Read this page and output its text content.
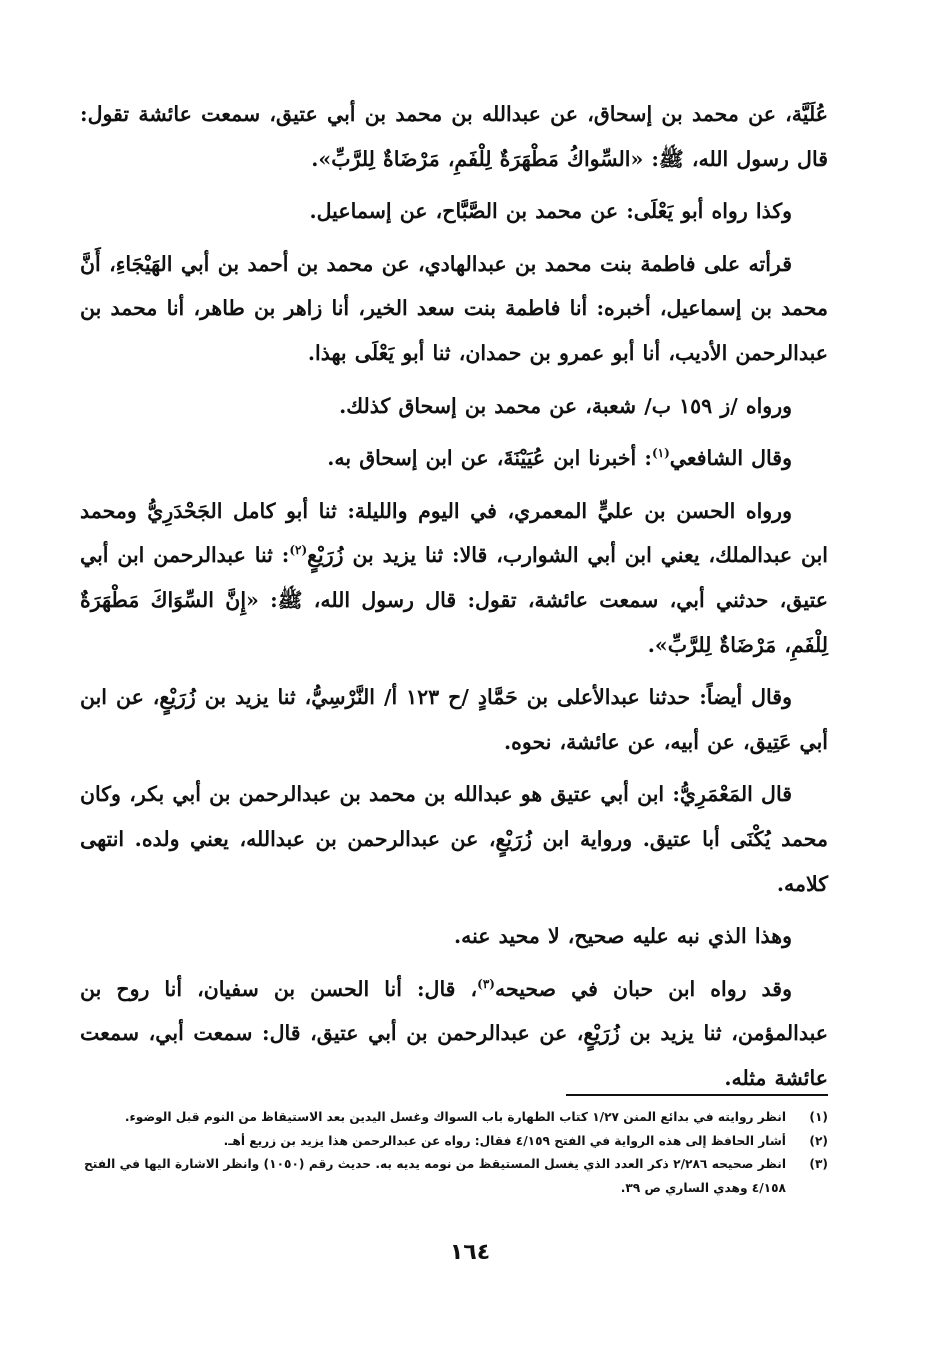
عُلَيَّة، عن محمد بن إسحاق، عن عبدالله بن محمد بن أبي عتيق، سمعت عائشة تقول: قال رسول الله، ﷺ: «السِّواكُ مَطْهَرَةٌ لِلْفَمِ، مَرْضَاةٌ لِلرَّبِّ».

وكذا رواه أبو يَعْلَى: عن محمد بن الصَّبَّاح، عن إسماعيل.

قرأته على فاطمة بنت محمد بن عبدالهادي، عن محمد بن أحمد بن أبي الهَيْجَاءِ، أَنَّ محمد بن إسماعيل، أخبره: أنا فاطمة بنت سعد الخير، أنا زاهر بن طاهر، أنا محمد بن عبدالرحمن الأديب، أنا أبو عمرو بن حمدان، ثنا أبو يَعْلَى بهذا.

ورواه /ز ١٥٩ ب/ شعبة، عن محمد بن إسحاق كذلك.

وقال الشافعي$^{(١)}$: أخبرنا ابن عُيَيْنَةَ، عن ابن إسحاق به.

ورواه الحسن بن عليٍّ المعمري، في اليوم والليلة: ثنا أبو كامل الجَحْدَرِيُّ ومحمد ابن عبدالملك، يعني ابن أبي الشوارب، قالا: ثنا يزيد بن زُرَيْعٍ$^{(٢)}$: ثنا عبدالرحمن ابن أبي عتيق، حدثني أبي، سمعت عائشة، تقول: قال رسول الله، ﷺ: «إِنَّ السِّوَاكَ مَطْهَرَةٌ لِلْفَمِ، مَرْضَاةٌ لِلرَّبِّ».

وقال أيضاً: حدثنا عبدالأعلى بن حَمَّادٍ /ح ١٢٣ أ/ النَّرْسِيُّ، ثنا يزيد بن زُرَيْعٍ، عن ابن أبي عَتِيق، عن أبيه، عن عائشة، نحوه.

قال المَعْمَرِيُّ: ابن أبي عتيق هو عبدالله بن محمد بن عبدالرحمن بن أبي بكر، وكان محمد يُكْنَى أبا عتيق. ورواية ابن زُرَيْعٍ، عن عبدالرحمن بن عبدالله، يعني ولده. انتهى كلامه.

وهذا الذي نبه عليه صحيح، لا محيد عنه.

وقد رواه ابن حبان في صحيحه$^{(٣)}$، قال: أنا الحسن بن سفيان، أنا روح بن عبدالمؤمن، ثنا يزيد بن زُرَيْعٍ، عن عبدالرحمن بن أبي عتيق، قال: سمعت أبي، سمعت عائشة مثله.

(١)
انظر روايته في بدائع المنن ١/٢٧ كتاب الطهارة باب السواك وغسل اليدين بعد الاستيقاظ من النوم قبل الوضوء.
(٢)
أشار الحافظ إلى هذه الرواية في الفتح ٤/١٥٩ فقال: رواه عن عبدالرحمن هذا يزيد بن زريع أهـ.
(٣)
انظر صحيحه ٢/٢٨٦ ذكر العدد الذي يغسل المستيقظ من نومه يديه به. حديث رقم (١٠٥٠) وانظر الاشارة اليها في الفتح ٤/١٥٨ وهدي الساري ص ٣٩.
١٦٤
